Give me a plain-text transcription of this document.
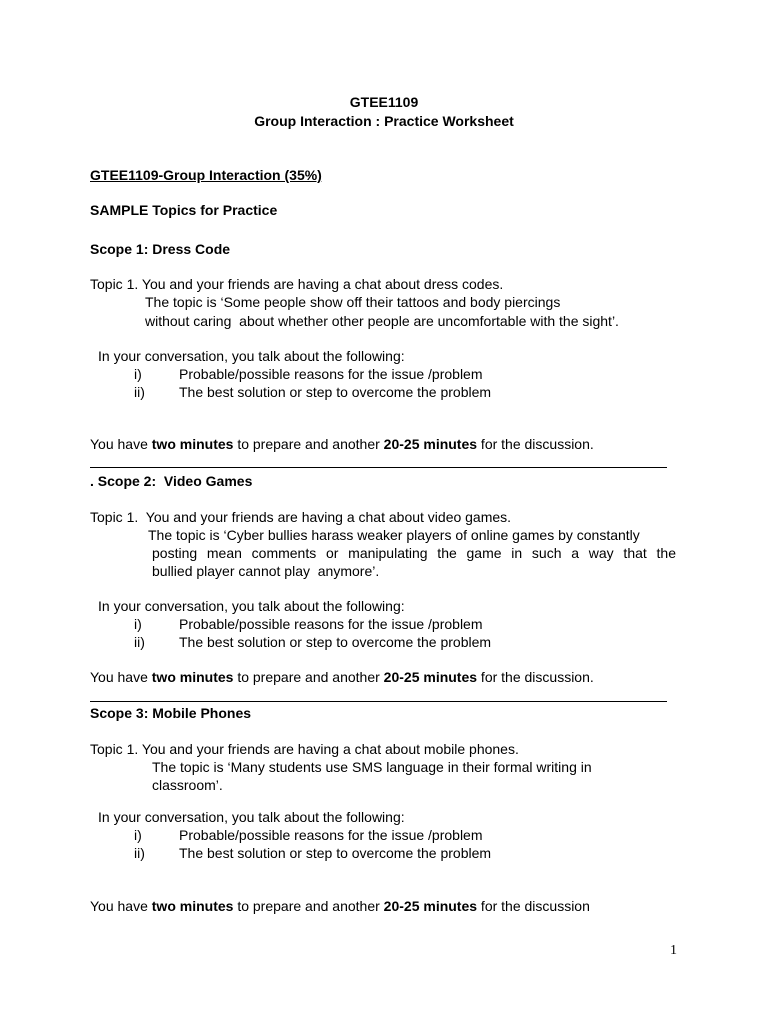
GTEE1109
Group Interaction : Practice Worksheet
GTEE1109-Group Interaction (35%)
SAMPLE Topics for Practice
Scope 1: Dress Code
Topic 1. You and your friends are having a chat about dress codes.
The topic is ‘Some people show off their tattoos and body piercings
without caring  about whether other people are uncomfortable with the sight’.
In your conversation, you talk about the following:
i)	Probable/possible reasons for the issue /problem
ii) The best solution or step to overcome the problem
You have two minutes to prepare and another 20-25 minutes for the discussion.
. Scope 2:  Video Games
Topic 1.  You and your friends are having a chat about video games.
The topic is ‘Cyber bullies harass weaker players of online games by constantly
posting mean comments or manipulating the game in such a way that the
bullied player cannot play  anymore’.
In your conversation, you talk about the following:
i)	Probable/possible reasons for the issue /problem
ii) The best solution or step to overcome the problem
You have two minutes to prepare and another 20-25 minutes for the discussion.
Scope 3: Mobile Phones
Topic 1. You and your friends are having a chat about mobile phones.
The topic is ‘Many students use SMS language in their formal writing in
classroom’.
In your conversation, you talk about the following:
i)	Probable/possible reasons for the issue /problem
ii) The best solution or step to overcome the problem
You have two minutes to prepare and another 20-25 minutes for the discussion
1
